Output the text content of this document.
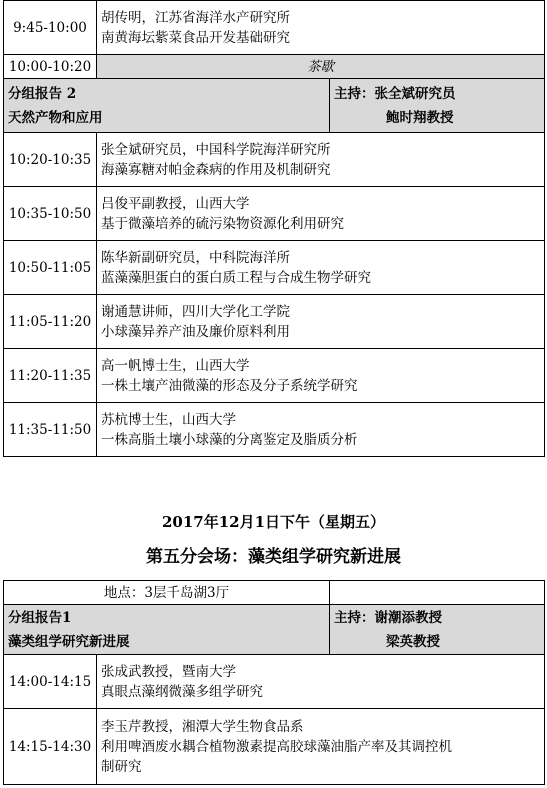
9:45-10:00	胡传明，江苏省海洋水产研究所
南黄海坛紫菜食品开发基础研究	

10:00-10:20	茶歇	

分组报告 2
天然产物和应用		主持：张全斌研究员
鲍时翔教授

10:20-10:35	张全斌研究员，中国科学院海洋研究所
海藻寡糖对帕金森病的作用及机制研究	

10:35-10:50	吕俊平副教授，山西大学
基于微藻培养的硫污染物资源化利用研究	

10:50-11:05	陈华新副研究员，中科院海洋所
蓝藻藻胆蛋白的蛋白质工程与合成生物学研究	

11:05-11:20	谢通慧讲师，四川大学化工学院
小球藻异养产油及廉价原料利用	

11:20-11:35	高一帆博士生，山西大学
一株土壤产油微藻的形态及分子系统学研究	

11:35-11:50	苏杭博士生，山西大学
一株高脂土壤小球藻的分离鉴定及脂质分析	
2017年12月1日下午（星期五）
第五分会场：藻类组学研究新进展
地点：3层千岛湖3厅		

分组报告1
藻类组学研究新进展		主持：谢潮添教授
梁英教授

14:00-14:15	张成武教授，暨南大学
真眼点藻纲微藻多组学研究	

14:15-14:30	李玉芹教授，湘潭大学生物食品系
利用啤酒废水耦合植物激素提高胶球藻油脂产率及其调控机
制研究	
